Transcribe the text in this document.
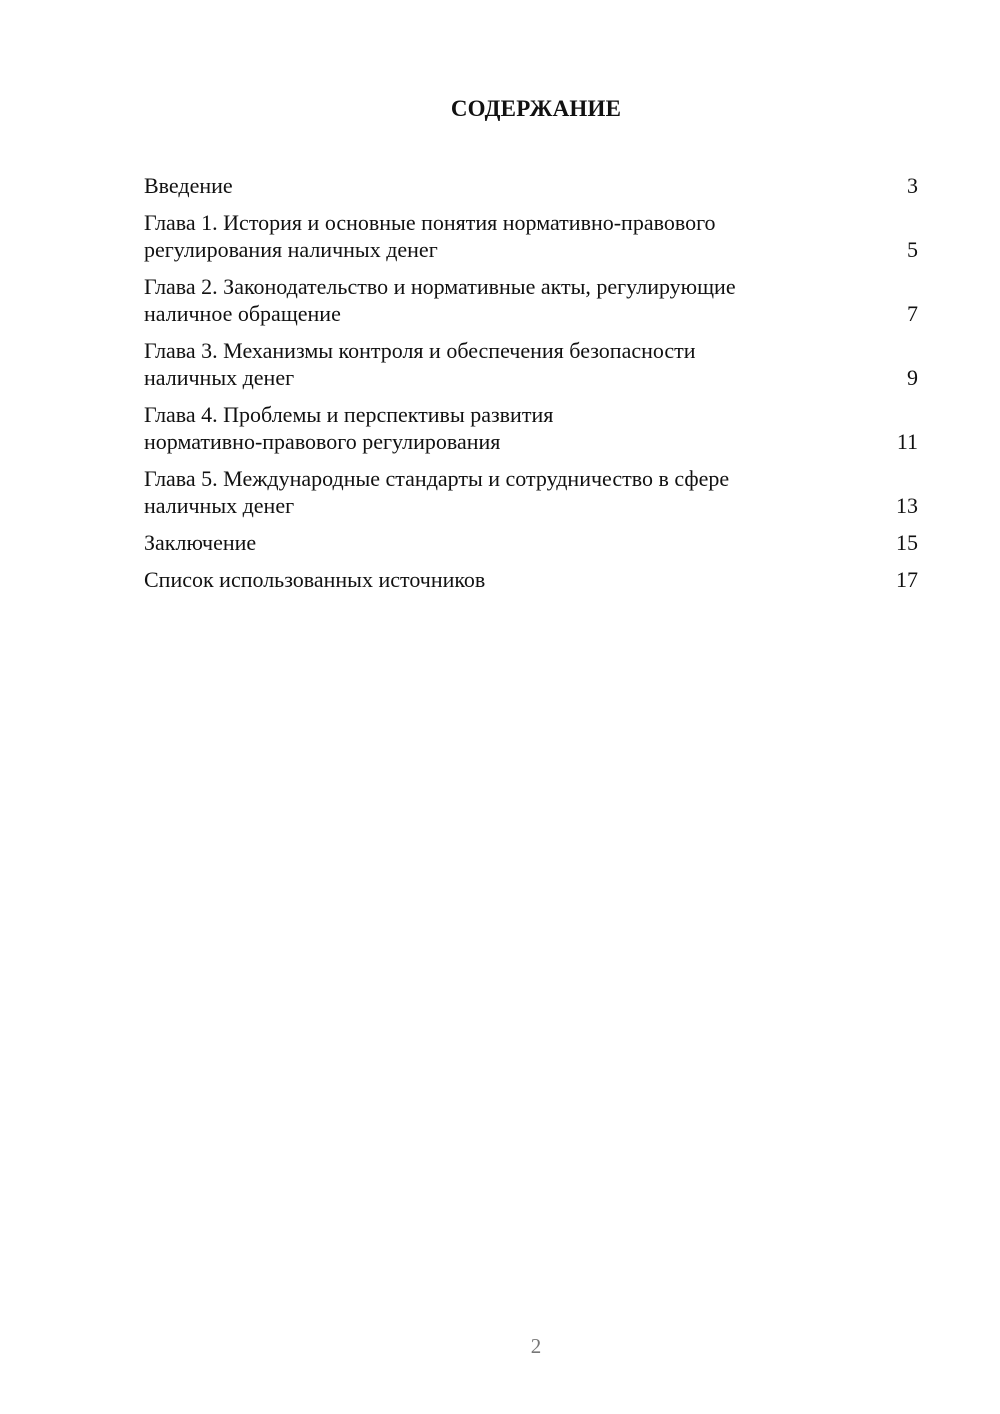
СОДЕРЖАНИЕ
Введение	3
Глава 1. История и основные понятия нормативно-правового
регулирования наличных денег	5
Глава 2. Законодательство и нормативные акты, регулирующие
наличное обращение	7
Глава 3. Механизмы контроля и обеспечения безопасности
наличных денег	9
Глава 4. Проблемы и перспективы развития
нормативно-правового регулирования	11
Глава 5. Международные стандарты и сотрудничество в сфере
наличных денег	13
Заключение	15
Список использованных источников	17
2
